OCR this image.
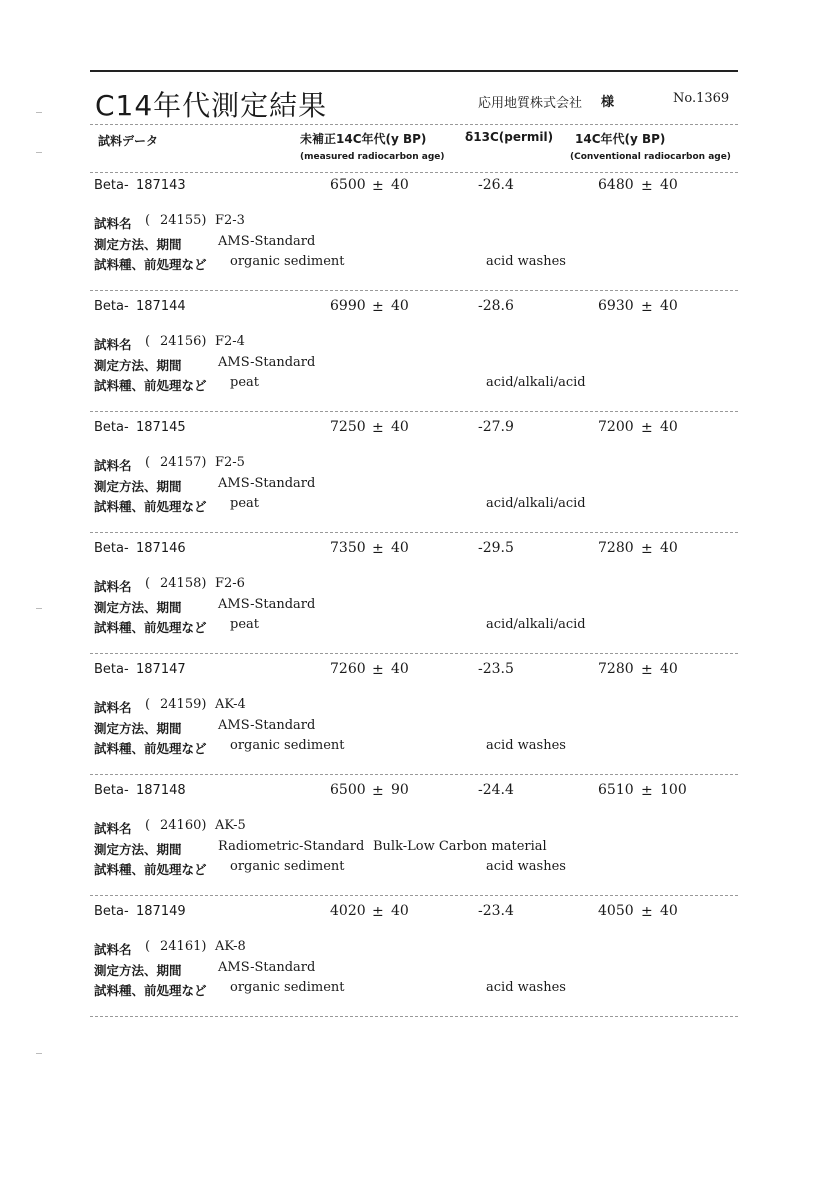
C14年代測定結果	応用地質株式会社 様	No.1369
試料データ	未補正14C年代(y BP)
(measured radiocarbon age)
δ13C(permil) 14C年代(y BP)
(Conventional radiocarbon age)
Beta- 187143	6500 ± 40	-26.4	6480 ± 40
試料名 ( 24155) F2-3
測定方法、期間	AMS-Standard
試料種、前処理など organic sediment	acid washes
Beta- 187144	6990 ± 40	-28.6	6930 ± 40
試料名 ( 24156) F2-4
測定方法、期間	AMS-Standard
試料種、前処理など peat	acid/alkali/acid
Beta- 187145	7250 ± 40	-27.9	7200 ± 40
試料名 ( 24157) F2-5
測定方法、期間	AMS-Standard
試料種、前処理など peat	acid/alkali/acid
Beta- 187146	7350 ± 40	-29.5	7280 ± 40
試料名 ( 24158) F2-6
測定方法、期間	AMS-Standard
試料種、前処理など peat	acid/alkali/acid
Beta- 187147	7260 ± 40	-23.5	7280 ± 40
試料名 ( 24159) AK-4
測定方法、期間	AMS-Standard
試料種、前処理など organic sediment	acid washes
Beta- 187148	6500 ± 90	-24.4	6510 ± 100
試料名 ( 24160) AK-5
測定方法、期間	Radiometric-Standard Bulk-Low Carbon material
試料種、前処理など organic sediment	acid washes
Beta- 187149	4020 ± 40	-23.4	4050 ± 40
試料名 ( 24161) AK-8
測定方法、期間	AMS-Standard
試料種、前処理など organic sediment	acid washes
